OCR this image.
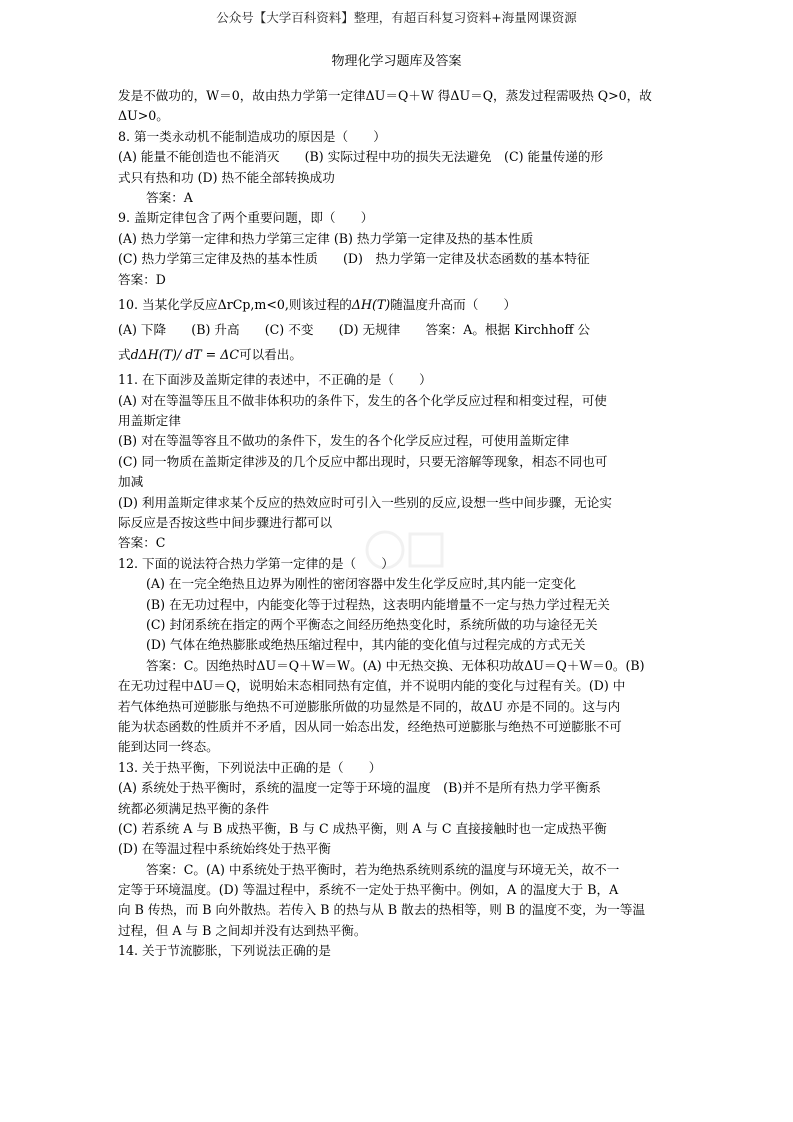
公众号【大学百科资料】整理，有超百科复习资料+海量网课资源
物理化学习题库及答案
发是不做功的，W＝0，故由热力学第一定律ΔU＝Q＋W 得ΔU＝Q，蒸发过程需吸热 Q>0，故
ΔU>0。
8. 第一类永动机不能制造成功的原因是（　　）
(A) 能量不能创造也不能消灭　　(B) 实际过程中功的损失无法避免　(C) 能量传递的形
式只有热和功 (D) 热不能全部转换成功
答案：A
9. 盖斯定律包含了两个重要问题，即（　　）
(A) 热力学第一定律和热力学第三定律 (B) 热力学第一定律及热的基本性质
(C) 热力学第三定律及热的基本性质　　(D)　热力学第一定律及状态函数的基本特征
答案：D
10. 当某化学反应ΔrCp,m<0,则该过程的ΔH(T)随温度升高而（　　）
(A) 下降　　(B) 升高　　(C) 不变　　(D) 无规律　　答案：A。根据 Kirchhoff 公
式dΔH(T)/ dT = ΔC可以看出。
11. 在下面涉及盖斯定律的表述中，不正确的是（　　）
(A) 对在等温等压且不做非体积功的条件下，发生的各个化学反应过程和相变过程，可使
用盖斯定律
(B) 对在等温等容且不做功的条件下，发生的各个化学反应过程，可使用盖斯定律
(C) 同一物质在盖斯定律涉及的几个反应中都出现时，只要无溶解等现象，相态不同也可
加减
(D) 利用盖斯定律求某个反应的热效应时可引入一些别的反应,设想一些中间步骤，无论实
际反应是否按这些中间步骤进行都可以
答案：C
12. 下面的说法符合热力学第一定律的是（　　）
(A) 在一完全绝热且边界为刚性的密闭容器中发生化学反应时,其内能一定变化
(B) 在无功过程中，内能变化等于过程热，这表明内能增量不一定与热力学过程无关
(C) 封闭系统在指定的两个平衡态之间经历绝热变化时，系统所做的功与途径无关
(D) 气体在绝热膨胀或绝热压缩过程中，其内能的变化值与过程完成的方式无关
答案：C。因绝热时ΔU＝Q＋W＝W。(A) 中无热交换、无体积功故ΔU＝Q＋W＝0。(B)
在无功过程中ΔU＝Q，说明始末态相同热有定值，并不说明内能的变化与过程有关。(D) 中
若气体绝热可逆膨胀与绝热不可逆膨胀所做的功显然是不同的，故ΔU 亦是不同的。这与内
能为状态函数的性质并不矛盾，因从同一始态出发，经绝热可逆膨胀与绝热不可逆膨胀不可
能到达同一终态。
13. 关于热平衡，下列说法中正确的是（　　）
(A) 系统处于热平衡时，系统的温度一定等于环境的温度　(B)并不是所有热力学平衡系
统都必须满足热平衡的条件
(C) 若系统 A 与 B 成热平衡，B 与 C 成热平衡，则 A 与 C 直接接触时也一定成热平衡
(D) 在等温过程中系统始终处于热平衡
答案：C。(A) 中系统处于热平衡时，若为绝热系统则系统的温度与环境无关，故不一
定等于环境温度。(D) 等温过程中，系统不一定处于热平衡中。例如，A 的温度大于 B，A
向 B 传热，而 B 向外散热。若传入 B 的热与从 B 散去的热相等，则 B 的温度不变，为一等温
过程，但 A 与 B 之间却并没有达到热平衡。
14. 关于节流膨胀，下列说法正确的是
